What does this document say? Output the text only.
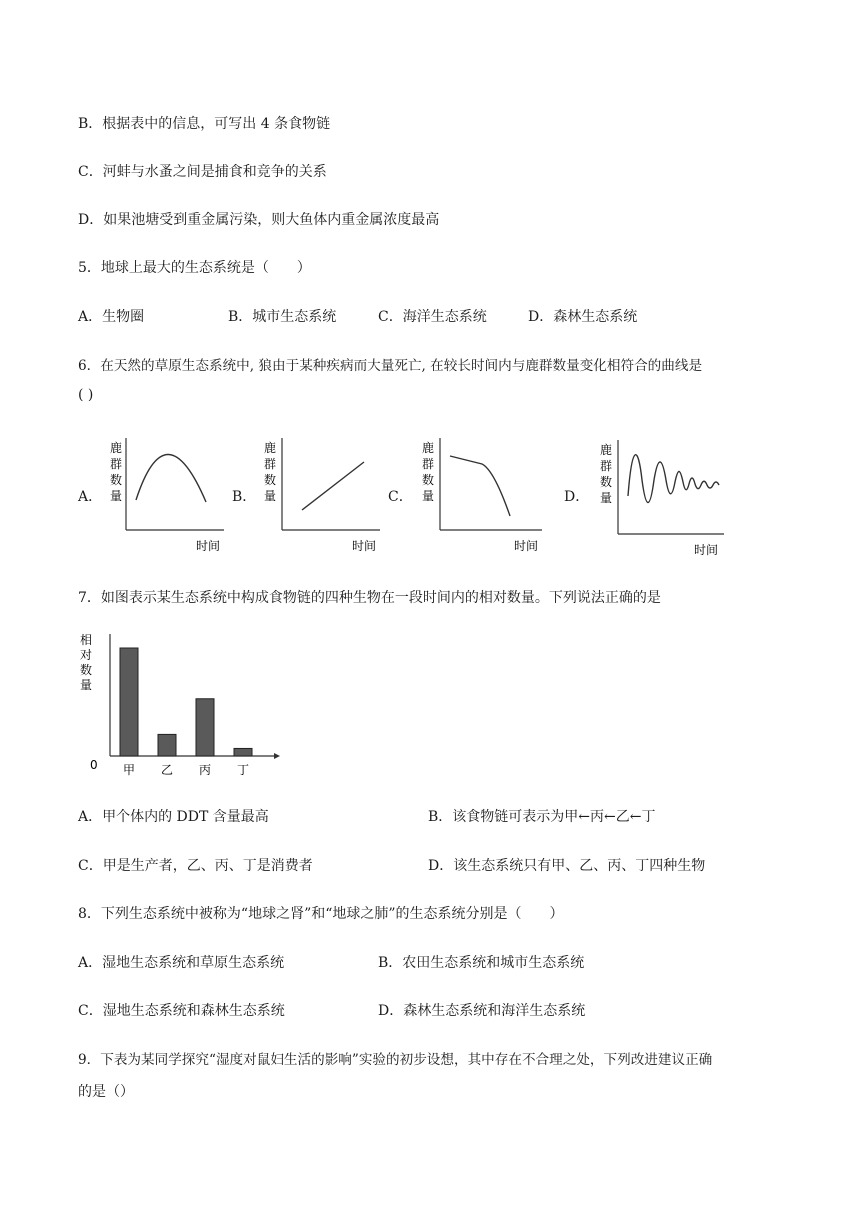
B．根据表中的信息，可写出 4 条食物链
C．河蚌与水蚤之间是捕食和竞争的关系
D．如果池塘受到重金属污染，则大鱼体内重金属浓度最高
5．地球上最大的生态系统是（　　）
A．生物圈	B．城市生态系统	C．海洋生态系统	D．森林生态系统
6．在天然的草原生态系统中, 狼由于某种疾病而大量死亡, 在较长时间内与鹿群数量变化相符合的曲线是
( )
A．	B．	C．	D．
鹿
群
数
量
时间
鹿
群
数
量
时间
鹿
群
数
量
时间
鹿
群
数
量
时间
7．如图表示某生态系统中构成食物链的四种生物在一段时间内的相对数量。下列说法正确的是
相
对
数
量
0 甲 乙 丙 丁
A．甲个体内的 DDT 含量最高	B．该食物链可表示为甲←丙←乙←丁
C．甲是生产者，乙、丙、丁是消费者	D．该生态系统只有甲、乙、丙、丁四种生物
8．下列生态系统中被称为“地球之肾”和“地球之肺”的生态系统分别是（　　）
A．湿地生态系统和草原生态系统	B．农田生态系统和城市生态系统
C．湿地生态系统和森林生态系统	D．森林生态系统和海洋生态系统
9．下表为某同学探究“湿度对鼠妇生活的影响”实验的初步设想，其中存在不合理之处，下列改进建议正确
的是（）
